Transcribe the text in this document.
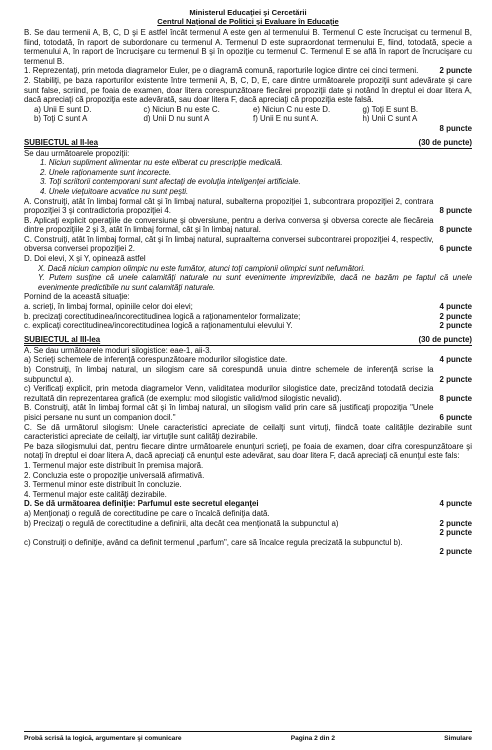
Ministerul Educaţiei şi Cercetării
Centrul Naţional de Politici şi Evaluare în Educaţie

B. Se dau termenii A, B, C, D şi E astfel încât termenul A este gen al termenului B. Termenul C este încrucişat cu termenul B, fiind, totodată, în raport de subordonare cu termenul A. Termenul D este supraordonat termenului E, fiind, totodată, specie a termenului A, în raport de încrucişare cu termenul B şi în opoziţie cu termenul C. Termenul E se află în raport de încrucişare cu termenul B.

1. Reprezentaţi, prin metoda diagramelor Euler, pe o diagramă comună, raporturile logice dintre cei cinci termeni.	2 puncte

2. Stabiliţi, pe baza raporturilor existente între termenii A, B, C, D, E, care dintre următoarele propoziţii sunt adevărate şi care sunt false, scriind, pe foaia de examen, doar litera corespunzătoare fiecărei propoziţii date şi notând în dreptul ei doar litera A, dacă apreciaţi că propoziţia este adevărată, sau doar litera F, dacă apreciaţi că propoziţia este falsă.

a) Unii E sunt D.	c) Niciun B nu este C.	e) Niciun C nu este D.	g) Toţi E sunt B.
b) Toţi C sunt A	d) Unii D nu sunt A	f) Unii E nu sunt A.	h) Unii C sunt A
8 puncte
SUBIECTUL al II-lea	(30 de puncte)

Se dau următoarele propoziţii:

1. Niciun supliment alimentar nu este eliberat cu prescripţie medicală.
2. Unele raţionamente sunt incorecte.
3. Toţi scriitorii contemporani sunt afectaţi de evoluţia inteligenţei artificiale.
4. Unele vieţuitoare acvatice nu sunt peşti.
A. Construiţi, atât în limbaj formal cât şi în limbaj natural, subalterna propoziţiei 1, subcontrara propoziţiei 2, contrara propoziţiei 3 şi contradictoria propoziţiei 4.	8 puncte
B. Aplicaţi explicit operaţiile de conversiune şi obversiune, pentru a deriva conversa şi obversa corecte ale fiecăreia dintre propoziţiile 2 şi 3, atât în limbaj formal, cât şi în limbaj natural.	8 puncte
C. Construiţi, atât în limbaj formal, cât şi în limbaj natural, supraalterna conversei subcontrarei propoziţiei 4, respectiv, obversa conversei propoziţiei 2.	6 puncte

D. Doi elevi, X şi Y, opinează astfel

X. Dacă niciun campion olimpic nu este fumător, atunci toţi campionii olimpici sunt nefumători.

Y. Putem susţine că unele calamităţi naturale nu sunt evenimente imprevizibile, dacă ne bazăm pe faptul că unele evenimente predictibile nu sunt calamităţi naturale.

Pornind de la această situaţie:

a. scrieţi, în limbaj formal, opiniile celor doi elevi;	4 puncte
b. precizaţi corectitudinea/incorectitudinea logică a raţionamentelor formalizate;	2 puncte
c. explicaţi corectitudinea/incorectitudinea logică a raţionamentului elevului Y.	2 puncte
SUBIECTUL al III-lea	(30 de puncte)

A. Se dau următoarele moduri silogistice: eae-1, aii-3.

a) Scrieţi schemele de inferenţă corespunzătoare modurilor silogistice date.	4 puncte
b) Construiţi, în limbaj natural, un silogism care să corespundă unuia dintre schemele de inferenţă scrise la subpunctul a).	2 puncte
c) Verificaţi explicit, prin metoda diagramelor Venn, validitatea modurilor silogistice date, precizând totodată decizia rezultată din reprezentarea grafică (de exemplu: mod silogistic valid/mod silogistic nevalid).	8 puncte
B. Construiţi, atât în limbaj formal cât şi în limbaj natural, un silogism valid prin care să justificaţi propoziţia "Unele pisici persane nu sunt un companion docil."	6 puncte

C. Se dă următorul silogism: Unele caracteristici apreciate de ceilalţi sunt virtuţi, fiindcă toate calităţile dezirabile sunt caracteristici apreciate de ceilalţi, iar virtuţile sunt calităţi dezirabile.

Pe baza silogismului dat, pentru fiecare dintre următoarele enunţuri scrieţi, pe foaia de examen, doar cifra corespunzătoare şi notaţi în dreptul ei doar litera A, dacă apreciaţi că enunţul este adevărat, sau doar litera F, dacă apreciaţi că enunţul este fals:

1. Termenul major este distribuit în premisa majoră.
2. Concluzia este o propoziţie universală afirmativă.
3. Termenul minor este distribuit în concluzie.
4. Termenul major este calităţi dezirabile.
D. Se dă următoarea definiţie: Parfumul este secretul eleganţei	4 puncte
a) Menţionaţi o regulă de corectitudine pe care o încalcă definiţia dată.
b) Precizaţi o regulă de corectitudine a definirii, alta decât cea menţionată la subpunctul a)	2 puncte
2 puncte
c) Construiţi o definiţie, având ca definit termenul „parfum", care să încalce regula precizată la subpunctul b).
2 puncte
Probă scrisă la logică, argumentare şi comunicare	Pagina 2 din 2	Simulare
